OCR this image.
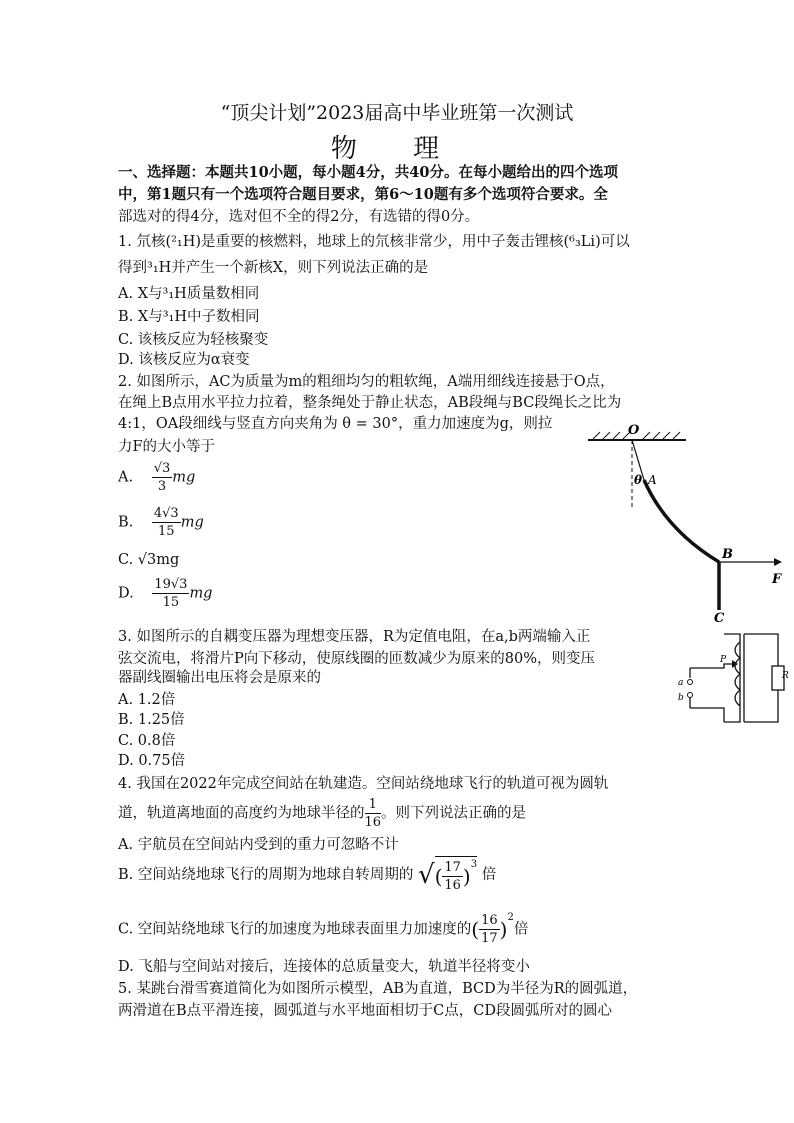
“顶尖计划”2023届高中毕业班第一次测试
物 理
一、选择题：本题共10小题，每小题4分，共40分。在每小题给出的四个选项
中，第1题只有一个选项符合题目要求，第6～10题有多个选项符合要求。全
部选对的得4分，选对但不全的得2分，有选错的得0分。
1. 氘核(²₁H)是重要的核燃料，地球上的氘核非常少，用中子轰击锂核(⁶₃Li)可以
得到³₁H并产生一个新核X，则下列说法正确的是
A. X与³₁H质量数相同
B. X与³₁H中子数相同
C. 该核反应为轻核聚变
D. 该核反应为α衰变
2. 如图所示，AC为质量为m的粗细均匀的粗软绳，A端用细线连接悬于O点，
在绳上B点用水平拉力拉着，整条绳处于静止状态，AB段绳与BC段绳长之比为
4:1，OA段细线与竖直方向夹角为 θ = 30°，重力加速度为g，则拉
力F的大小等于
A. $\frac{√3}{3}$ mg
B. $\frac{4√3}{15}$ mg
C. √3mg
D. $\frac{19√3}{15}$ mg
O
A
θ
B
C
F
3. 如图所示的自耦变压器为理想变压器，R为定值电阻，在a,b两端输入正
弦交流电，将滑片P向下移动，使原线圈的匝数减少为原来的80%，则变压
器副线圈输出电压将会是原来的
A. 1.2倍
B. 1.25倍
C. 0.8倍
D. 0.75倍
P
a
b
R
4. 我国在2022年完成空间站在轨建造。空间站绕地球飞行的轨道可视为圆轨
道，轨道离地面的高度约为地球半径的 $\frac{1}{16}$ 。则下列说法正确的是
A. 宇航员在空间站内受到的重力可忽略不计
B. 空间站绕地球飞行的周期为地球自转周期的 √( $\frac{17}{16} )^3$ 倍
C. 空间站绕地球飞行的加速度为地球表面里力加速度的( $\frac{16}{17} )^2$倍
D. 飞船与空间站对接后，连接体的总质量变大，轨道半径将变小
5. 某跳台滑雪赛道简化为如图所示模型，AB为直道，BCD为半径为R的圆弧道，
两滑道在B点平滑连接，圆弧道与水平地面相切于C点，CD段圆弧所对的圆心
